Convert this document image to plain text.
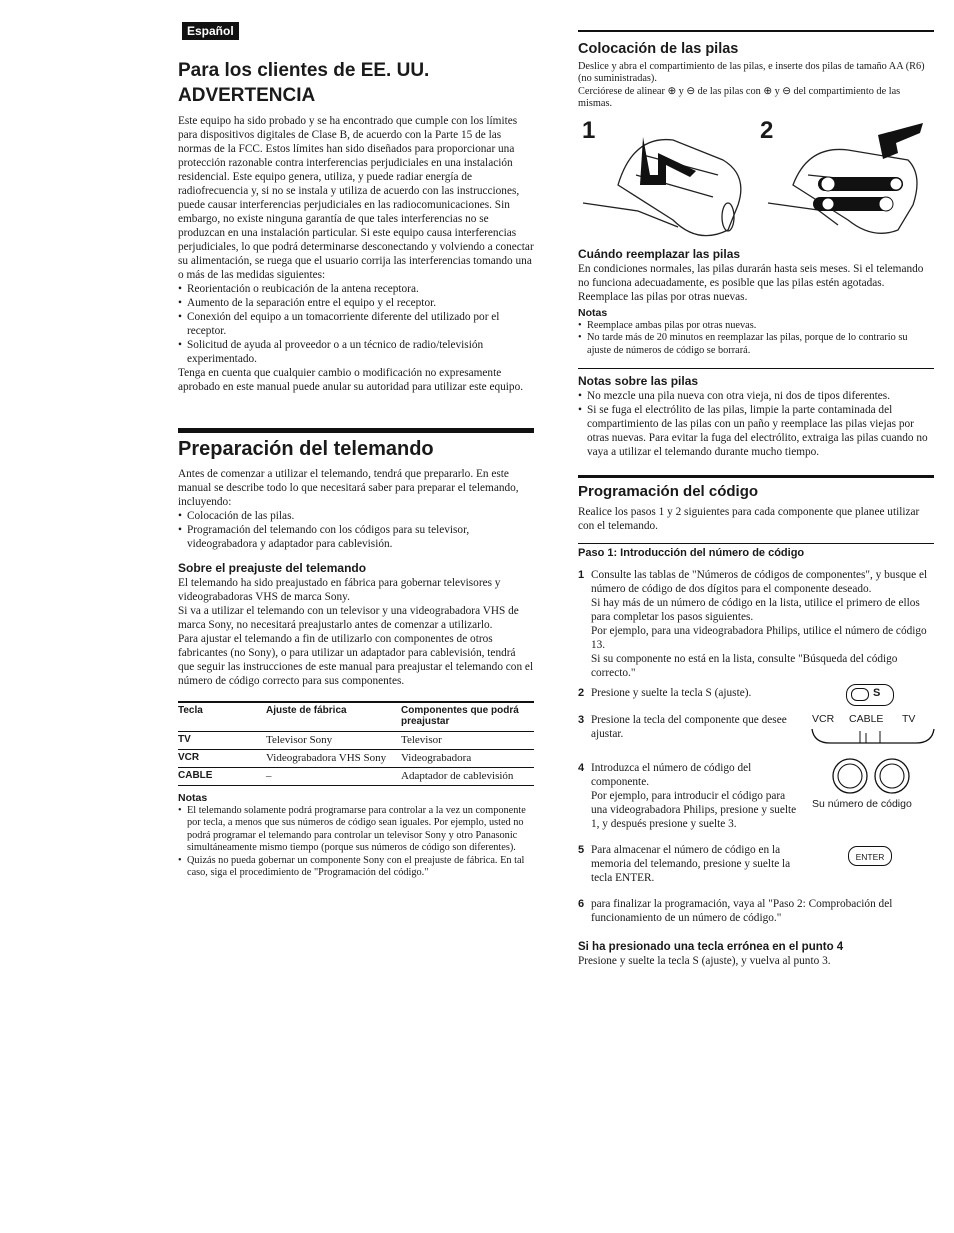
Español
Para los clientes de EE. UU.
ADVERTENCIA

Este equipo ha sido probado y se ha encontrado que cumple con los límites para dispositivos digitales de Clase B, de acuerdo con la Parte 15 de las normas de la FCC. Estos límites han sido diseñados para proporcionar una protección razonable contra interferencias perjudiciales en una instalación residencial. Este equipo genera, utiliza, y puede radiar energía de radiofrecuencia y, si no se instala y utiliza de acuerdo con las instrucciones, puede causar interferencias perjudiciales en las radiocomunicaciones. Sin embargo, no existe ninguna garantía de que tales interferencias no se produzcan en una instalación particular. Si este equipo causa interferencias perjudiciales, lo que podrá determinarse desconectando y volviendo a conectar su alimentación, se ruega que el usuario corrija las interferencias tomando una o más de las medidas siguientes:

• Reorientación o reubicación de la antena receptora.
• Aumento de la separación entre el equipo y el receptor.
• Conexión del equipo a un tomacorriente diferente del utilizado por el receptor.
• Solicitud de ayuda al proveedor o a un técnico de radio/televisión experimentado.

Tenga en cuenta que cualquier cambio o modificación no expresamente aprobado en este manual puede anular su autoridad para utilizar este equipo.

Preparación del telemando

Antes de comenzar a utilizar el telemando, tendrá que prepararlo. En este manual se describe todo lo que necesitará saber para preparar el telemando, incluyendo:

• Colocación de las pilas.
• Programación del telemando con los códigos para su televisor, videograbadora y adaptador para cablevisión.
Sobre el preajuste del telemando

El telemando ha sido preajustado en fábrica para gobernar televisores y videograbadoras VHS de marca Sony.

Si va a utilizar el telemando con un televisor y una videograbadora VHS de marca Sony, no necesitará preajustarlo antes de comenzar a utilizarlo.

Para ajustar el telemando a fin de utilizarlo con componentes de otros fabricantes (no Sony), o para utilizar un adaptador para cablevisión, tendrá que seguir las instrucciones de este manual para preajustar el telemando con el número de código correcto para sus componentes.

Tecla	Ajuste de fábrica	Componentes que podrá preajustar
TV	Televisor Sony	Televisor
VCR	Videograbadora VHS Sony	Videograbadora
CABLE	–	Adaptador de cablevisión
Notas
• El telemando solamente podrá programarse para controlar a la vez un componente por tecla, a menos que sus números de código sean iguales. Por ejemplo, usted no podrá programar el telemando para controlar un televisor Sony y otro Panasonic simultáneamente mismo tiempo (porque sus números de código son diferentes).
• Quizás no pueda gobernar un componente Sony con el preajuste de fábrica. En tal caso, siga el procedimiento de "Programación del código."
Colocación de las pilas

Deslice y abra el compartimiento de las pilas, e inserte dos pilas de tamaño AA (R6) (no suministradas).

Cerciórese de alinear ⊕ y ⊖ de las pilas con ⊕ y ⊖ del compartimiento de las mismas.

1	2
Cuándo reemplazar las pilas

En condiciones normales, las pilas durarán hasta seis meses. Si el telemando no funciona adecuadamente, es posible que las pilas estén agotadas. Reemplace las pilas por otras nuevas.

Notas
• Reemplace ambas pilas por otras nuevas.
• No tarde más de 20 minutos en reemplazar las pilas, porque de lo contrario su ajuste de números de código se borrará.
Notas sobre las pilas
• No mezcle una pila nueva con otra vieja, ni dos de tipos diferentes.
• Si se fuga el electrólito de las pilas, limpie la parte contaminada del compartimiento de las pilas con un paño y reemplace las pilas viejas por otras nuevas. Para evitar la fuga del electrólito, extraiga las pilas cuando no vaya a utilizar el telemando durante mucho tiempo.
Programación del código

Realice los pasos 1 y 2 siguientes para cada componente que planee utilizar con el telemando.

Paso 1: Introducción del número de código
1 Consulte las tablas de "Números de códigos de componentes", y busque el número de código de dos dígitos para el componente deseado.

Si hay más de un número de código en la lista, utilice el primero de ellos para completar los pasos siguientes.

Por ejemplo, para una videograbadora Philips, utilice el número de código 13.

Si su componente no está en la lista, consulte "Búsqueda del código correcto."

2 Presione y suelte la tecla S (ajuste).

3 Presione la tecla del componente que desee ajustar.

4 Introduzca el número de código del componente.

Por ejemplo, para introducir el código para una videograbadora Philips, presione y suelte 1, y después presione y suelte 3.

5 Para almacenar el número de código en la memoria del telemando, presione y suelte la tecla ENTER.

S
VCR CABLE TV
Su número de código
ENTER
6 para finalizar la programación, vaya al "Paso 2: Comprobación del funcionamiento de un número de código."

Si ha presionado una tecla errónea en el punto 4

Presione y suelte la tecla S (ajuste), y vuelva al punto 3.
